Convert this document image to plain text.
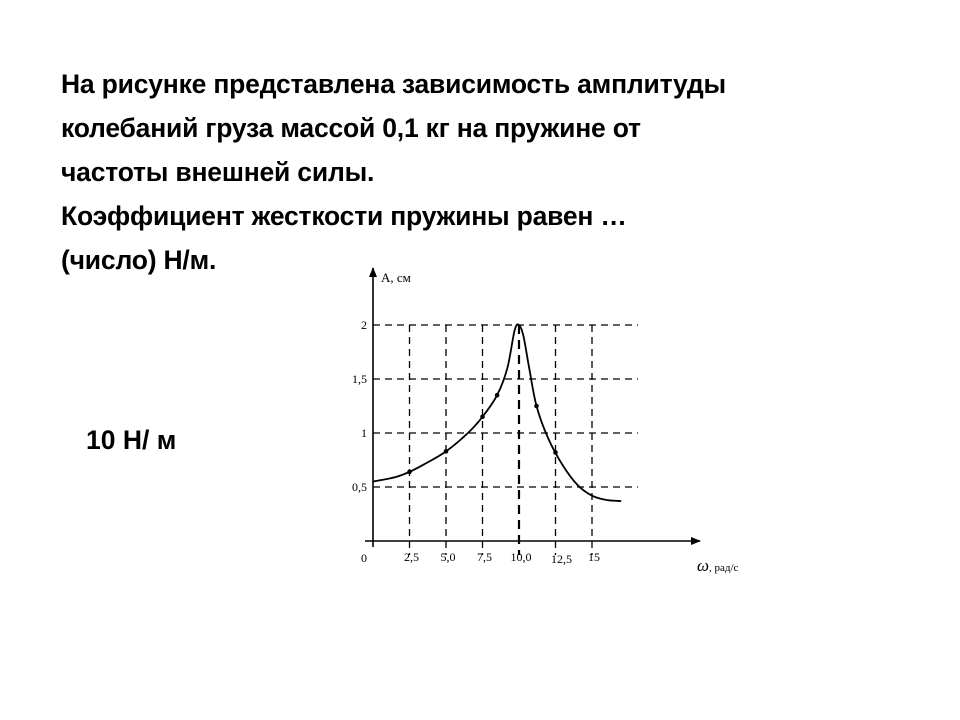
На рисунке представлена зависимость амплитуды
колебаний груза массой 0,1 кг на пружине от
частоты внешней силы.
Коэффициент жесткости пружины равен …
(число) Н/м.
10 Н/ м
0,5
1
1,5
2
2,5 5,0 7,5 10,0 12,5 15
A, см
0	ω, рад/с
